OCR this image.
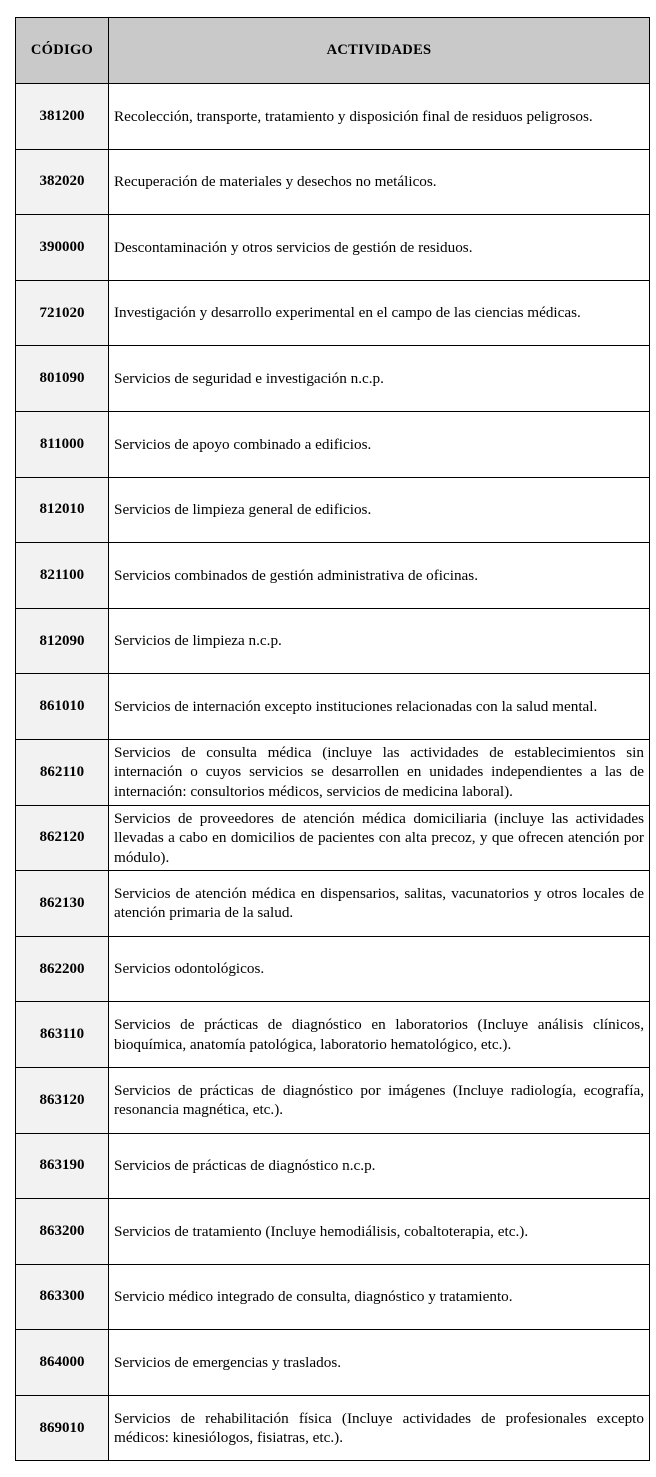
CÓDIGO	ACTIVIDADES
381200	Recolección, transporte, tratamiento y disposición final de residuos peligrosos.
382020	Recuperación de materiales y desechos no metálicos.
390000	Descontaminación y otros servicios de gestión de residuos.
721020	Investigación y desarrollo experimental en el campo de las ciencias médicas.
801090	Servicios de seguridad e investigación n.c.p.
811000	Servicios de apoyo combinado a edificios.
812010	Servicios de limpieza general de edificios.
821100	Servicios combinados de gestión administrativa de oficinas.
812090	Servicios de limpieza n.c.p.
861010	Servicios de internación excepto instituciones relacionadas con la salud mental.
862110	Servicios de consulta médica (incluye las actividades de establecimientos sin internación o cuyos servicios se desarrollen en unidades independientes a las de internación: consultorios médicos, servicios de medicina laboral).
862120	Servicios de proveedores de atención médica domiciliaria (incluye las actividades llevadas a cabo en domicilios de pacientes con alta precoz, y que ofrecen atención por módulo).
862130	Servicios de atención médica en dispensarios, salitas, vacunatorios y otros locales de atención primaria de la salud.
862200	Servicios odontológicos.
863110	Servicios de prácticas de diagnóstico en laboratorios (Incluye análisis clínicos, bioquímica, anatomía patológica, laboratorio hematológico, etc.).
863120	Servicios de prácticas de diagnóstico por imágenes (Incluye radiología, ecografía, resonancia magnética, etc.).
863190	Servicios de prácticas de diagnóstico n.c.p.
863200	Servicios de tratamiento (Incluye hemodiálisis, cobaltoterapia, etc.).
863300	Servicio médico integrado de consulta, diagnóstico y tratamiento.
864000	Servicios de emergencias y traslados.
869010	Servicios de rehabilitación física (Incluye actividades de profesionales excepto médicos: kinesiólogos, fisiatras, etc.).
